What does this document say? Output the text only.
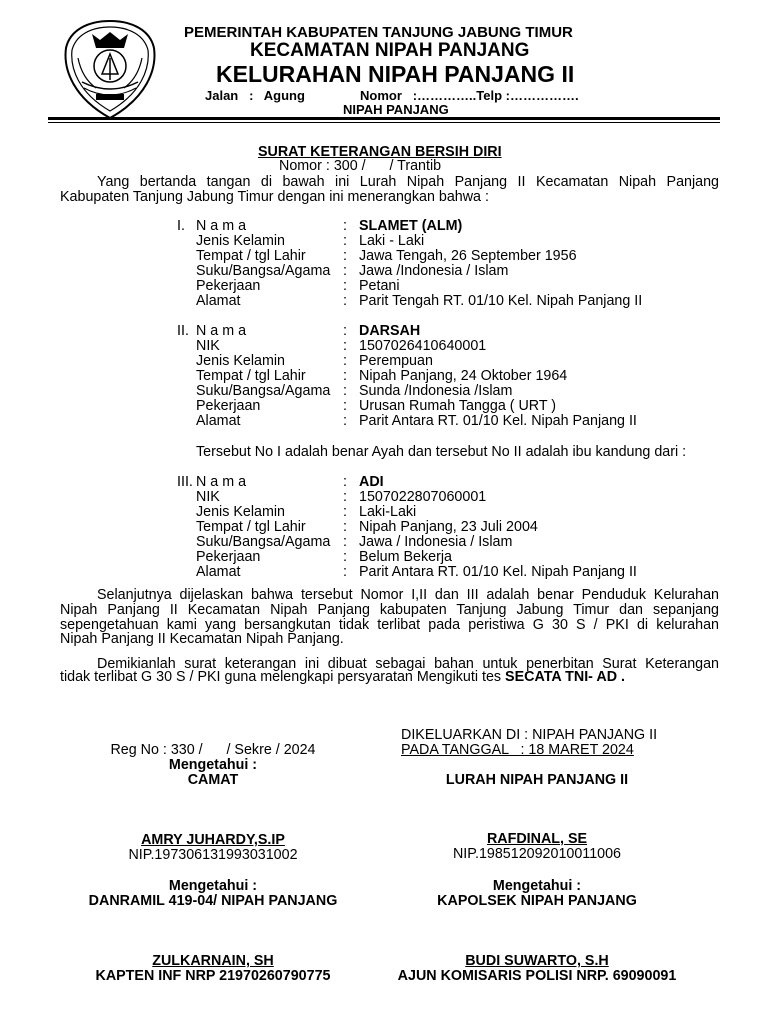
PEMERINTAH KABUPATEN TANJUNG JABUNG TIMUR
KECAMATAN NIPAH PANJANG
KELURAHAN NIPAH PANJANG II
Jalan   :   Agung	Nomor   :…………..Telp :…………….
NIPAH PANJANG
SURAT KETERANGAN BERSIH DIRI
Nomor : 300 /      / Trantib
Yang bertanda tangan di bawah ini Lurah Nipah Panjang II Kecamatan Nipah Panjang
Kabupaten Tanjung Jabung Timur dengan ini menerangkan bahwa :
I. N a m a	: SLAMET (ALM)
Jenis Kelamin	: Laki - Laki
Tempat / tgl Lahir	: Jawa Tengah, 26 September 1956
Suku/Bangsa/Agama : Jawa /Indonesia / Islam
Pekerjaan	: Petani
Alamat	: Parit Tengah RT. 01/10 Kel. Nipah Panjang II
II. N a m a	: DARSAH
NIK	: 1507026410640001
Jenis Kelamin	: Perempuan
Tempat / tgl Lahir	: Nipah Panjang, 24 Oktober 1964
Suku/Bangsa/Agama : Sunda /Indonesia /Islam
Pekerjaan	: Urusan Rumah Tangga ( URT )
Alamat	: Parit Antara RT. 01/10 Kel. Nipah Panjang II
Tersebut No I adalah benar Ayah dan tersebut No II adalah ibu kandung dari :
III. N a m a	: ADI
NIK	: 1507022807060001
Jenis Kelamin	: Laki-Laki
Tempat / tgl Lahir	: Nipah Panjang, 23 Juli 2004
Suku/Bangsa/Agama : Jawa / Indonesia / Islam
Pekerjaan	: Belum Bekerja
Alamat	: Parit Antara RT. 01/10 Kel. Nipah Panjang II
Selanjutnya dijelaskan bahwa tersebut Nomor I,II dan III adalah benar Penduduk Kelurahan
Nipah Panjang II Kecamatan Nipah Panjang kabupaten Tanjung Jabung Timur dan sepanjang
sepengetahuan kami yang bersangkutan tidak terlibat pada peristiwa G 30 S / PKI di kelurahan
Nipah Panjang II Kecamatan Nipah Panjang.
Demikianlah surat keterangan ini dibuat sebagai bahan untuk penerbitan Surat Keterangan
tidak terlibat G 30 S / PKI guna melengkapi persyaratan Mengikuti tes SECATA TNI- AD .
DIKELUARKAN DI : NIPAH PANJANG II
PADA TANGGAL   : 18 MARET 2024
Reg No : 330 /      / Sekre / 2024
Mengetahui :
CAMAT
AMRY JUHARDY,S.IP
NIP.197306131993031002
LURAH NIPAH PANJANG II
RAFDINAL, SE
NIP.198512092010011006
Mengetahui :
DANRAMIL 419-04/ NIPAH PANJANG
Mengetahui :
KAPOLSEK NIPAH PANJANG
ZULKARNAIN, SH
KAPTEN INF NRP 21970260790775
BUDI SUWARTO, S.H
AJUN KOMISARIS POLISI NRP. 69090091
